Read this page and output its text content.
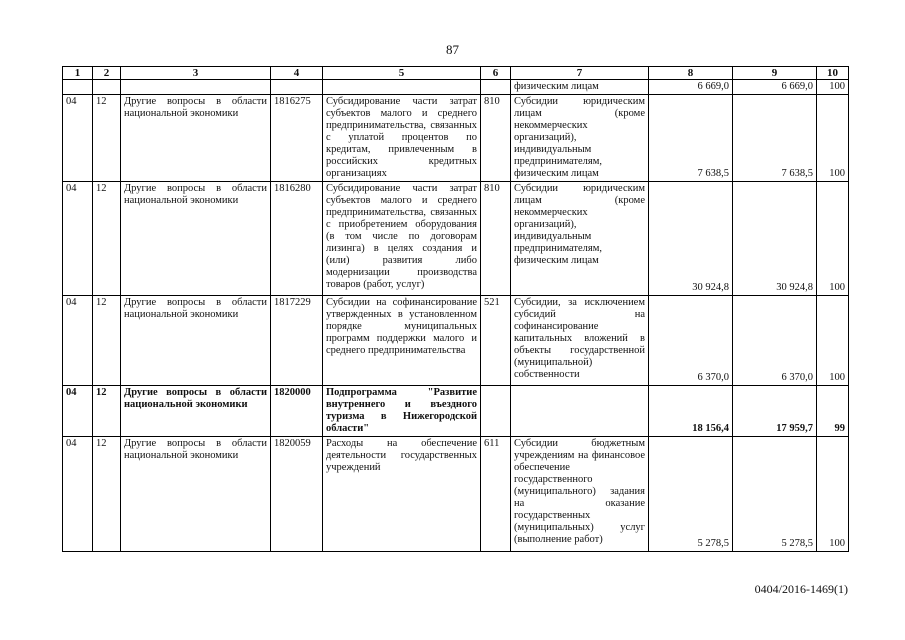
87
1	2	3	4	5	6	7	8	9	10
						физическим лицам	6 669,0	6 669,0	100
04	12	Другие вопросы в области национальной экономики	1816275	Субсидирование части затрат субъектов малого и среднего предпринимательства, связанных с уплатой процентов по кредитам, привлеченным в российских кредитных организациях	810	Субсидии юридическим лицам (кроме некоммерческих организаций), индивидуальным предпринимателям, физическим лицам	7 638,5	7 638,5	100
04	12	Другие вопросы в области национальной экономики	1816280	Субсидирование части затрат субъектов малого и среднего предпринимательства, связанных с приобретением оборудования (в том числе по договорам лизинга) в целях создания и (или) развития либо модернизации производства товаров (работ, услуг)	810	Субсидии юридическим лицам (кроме некоммерческих организаций), индивидуальным предпринимателям, физическим лицам	30 924,8	30 924,8	100
04	12	Другие вопросы в области национальной экономики	1817229	Субсидии на софинансирование утвержденных в установленном порядке муниципальных программ поддержки малого и среднего предпринимательства	521	Субсидии, за исключением субсидий на софинансирование капитальных вложений в объекты государственной (муниципальной) собственности	6 370,0	6 370,0	100
04	12	Другие вопросы в области национальной экономики	1820000	Подпрограмма "Развитие внутреннего и въездного туризма в Нижегородской области"			18 156,4	17 959,7	99
04	12	Другие вопросы в области национальной экономики	1820059	Расходы на обеспечение деятельности государственных учреждений	611	Субсидии бюджетным учреждениям на финансовое обеспечение государственного (муниципального) задания на оказание государственных (муниципальных) услуг (выполнение работ)	5 278,5	5 278,5	100
0404/2016-1469(1)
